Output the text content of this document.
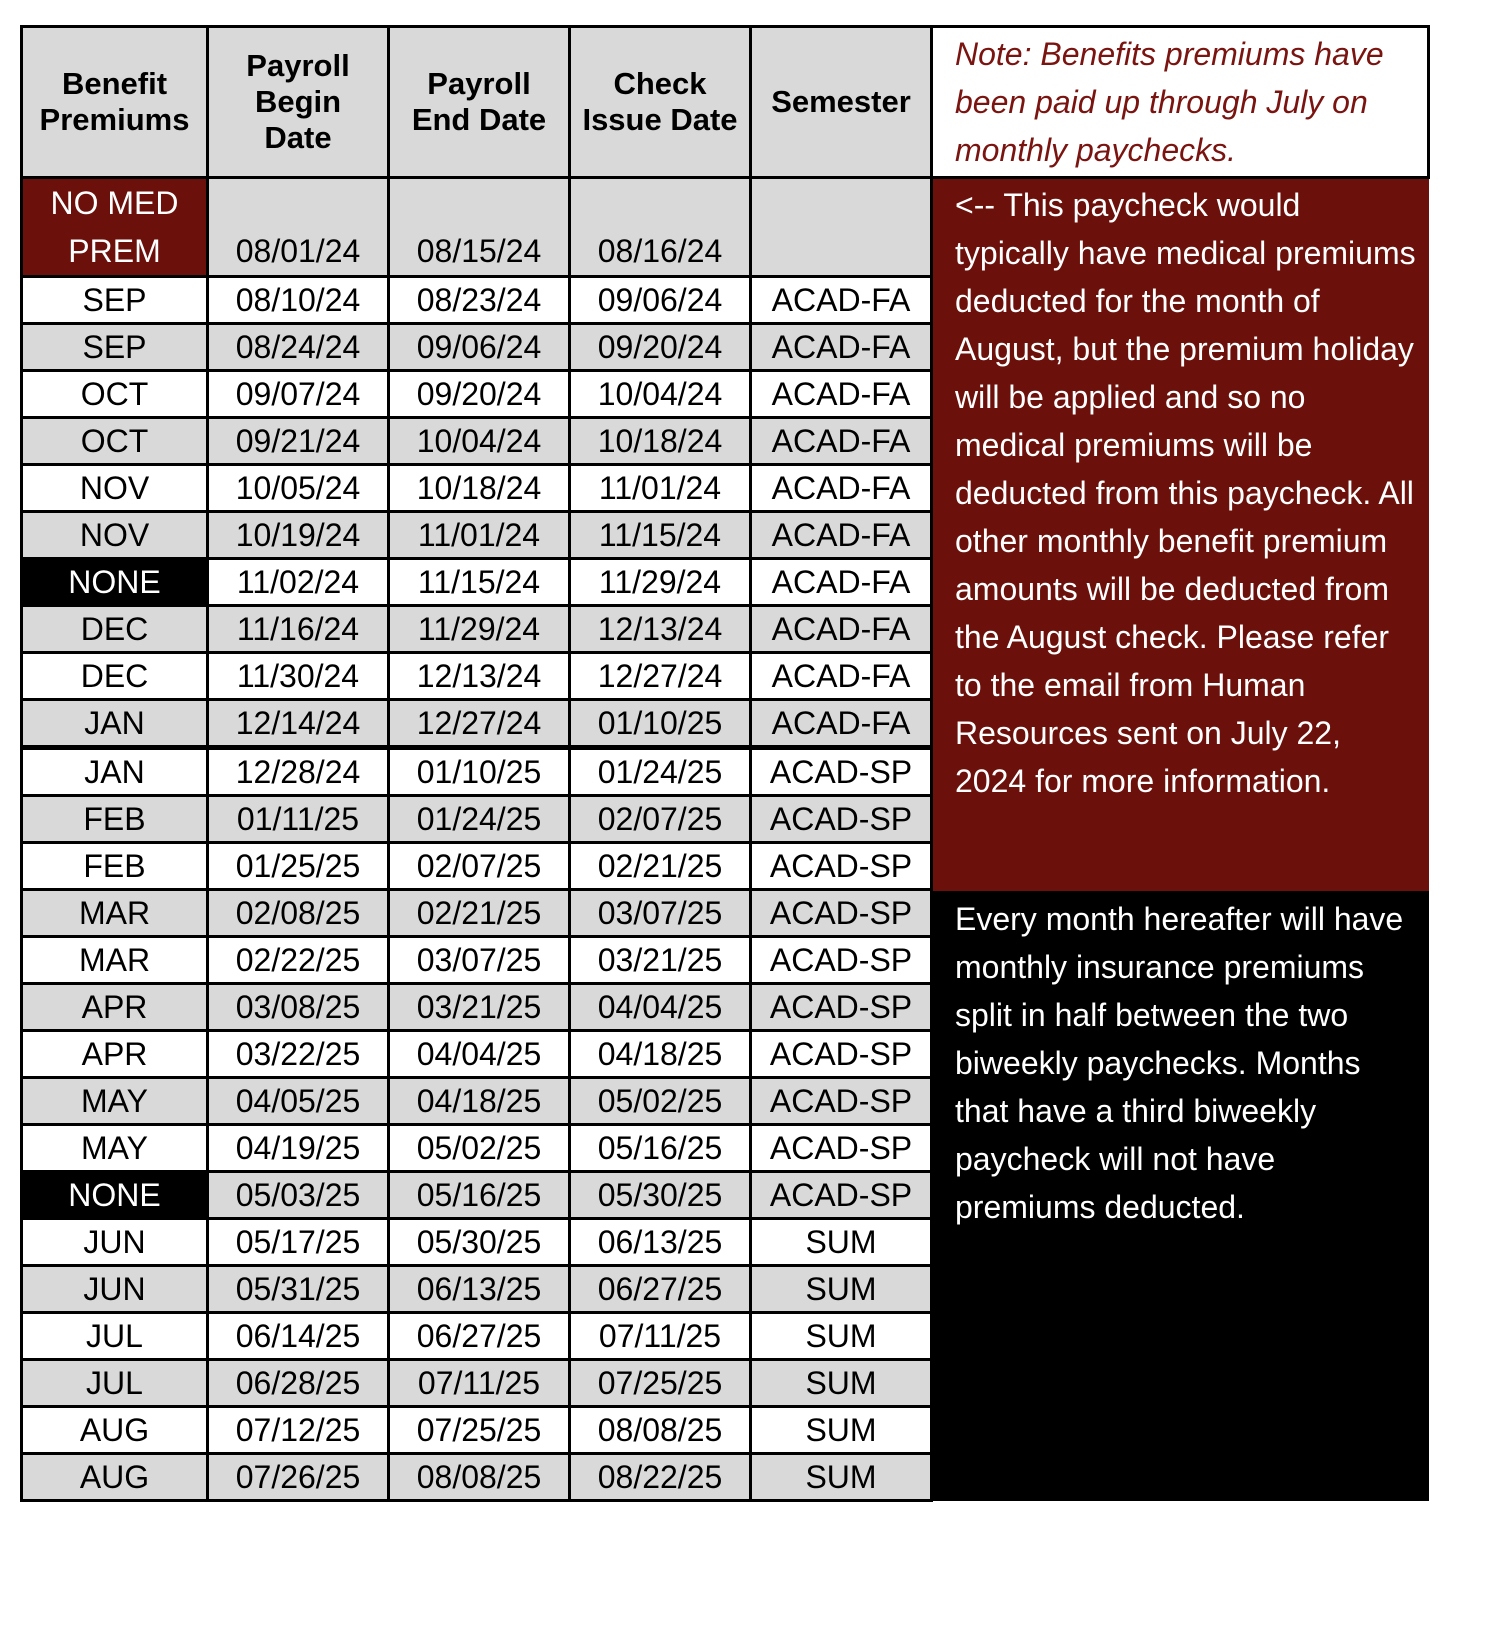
Benefit Premiums	Payroll Begin Date	Payroll End Date	Check Issue Date	Semester	Note: Benefits premiums have been paid up through July on monthly paychecks.
NO MED PREM	08/01/24	08/15/24	08/16/24		<-- This paycheck would typically have medical premiums deducted for the month of August, but the premium holiday will be applied and so no medical premiums will be deducted from this paycheck. All other monthly benefit premium amounts will be deducted from the August check. Please refer to the email from Human Resources sent on July 22, 2024 for more information.
Every month hereafter will have monthly insurance premiums split in half between the two biweekly paychecks. Months that have a third biweekly paycheck will not have premiums deducted.

SEP	08/10/24	08/23/24	09/06/24	ACAD-FA	
SEP	08/24/24	09/06/24	09/20/24	ACAD-FA	
OCT	09/07/24	09/20/24	10/04/24	ACAD-FA	
OCT	09/21/24	10/04/24	10/18/24	ACAD-FA	
NOV	10/05/24	10/18/24	11/01/24	ACAD-FA	
NOV	10/19/24	11/01/24	11/15/24	ACAD-FA	
NONE	11/02/24	11/15/24	11/29/24	ACAD-FA	
DEC	11/16/24	11/29/24	12/13/24	ACAD-FA	
DEC	11/30/24	12/13/24	12/27/24	ACAD-FA	
JAN	12/14/24	12/27/24	01/10/25	ACAD-FA	
JAN	12/28/24	01/10/25	01/24/25	ACAD-SP	
FEB	01/11/25	01/24/25	02/07/25	ACAD-SP	
FEB	01/25/25	02/07/25	02/21/25	ACAD-SP	
MAR	02/08/25	02/21/25	03/07/25	ACAD-SP	
MAR	02/22/25	03/07/25	03/21/25	ACAD-SP	
APR	03/08/25	03/21/25	04/04/25	ACAD-SP	
APR	03/22/25	04/04/25	04/18/25	ACAD-SP	
MAY	04/05/25	04/18/25	05/02/25	ACAD-SP	
MAY	04/19/25	05/02/25	05/16/25	ACAD-SP	
NONE	05/03/25	05/16/25	05/30/25	ACAD-SP	
JUN	05/17/25	05/30/25	06/13/25	SUM	
JUN	05/31/25	06/13/25	06/27/25	SUM	
JUL	06/14/25	06/27/25	07/11/25	SUM	
JUL	06/28/25	07/11/25	07/25/25	SUM	
AUG	07/12/25	07/25/25	08/08/25	SUM	
AUG	07/26/25	08/08/25	08/22/25	SUM	
